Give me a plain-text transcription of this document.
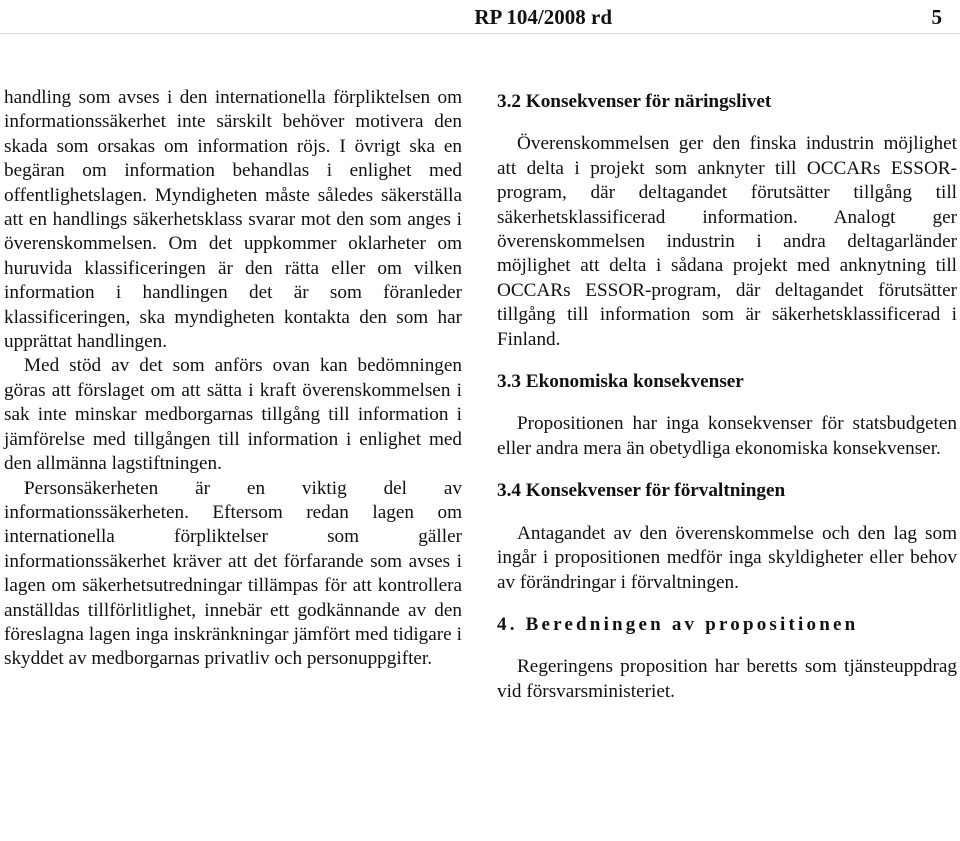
RP 104/2008 rd	5

handling som avses i den internationella förpliktelsen om informationssäkerhet inte särskilt behöver motivera den skada som orsakas om information röjs. I övrigt ska en begäran om information behandlas i enlighet med offentlighetslagen. Myndigheten måste således säkerställa att en handlings säkerhetsklass svarar mot den som anges i överenskommelsen. Om det uppkommer oklarheter om huruvida klassificeringen är den rätta eller om vilken information i handlingen det är som föranleder klassificeringen, ska myndigheten kontakta den som har upprättat handlingen.

Med stöd av det som anförs ovan kan bedömningen göras att förslaget om att sätta i kraft överenskommelsen i sak inte minskar medborgarnas tillgång till information i jämförelse med tillgången till information i enlighet med den allmänna lagstiftningen.

Personsäkerheten är en viktig del av informationssäkerheten. Eftersom redan lagen om internationella förpliktelser som gäller informationssäkerhet kräver att det förfarande som avses i lagen om säkerhetsutredningar tillämpas för att kontrollera anställdas tillförlitlighet, innebär ett godkännande av den föreslagna lagen inga inskränkningar jämfört med tidigare i skyddet av medborgarnas privatliv och personuppgifter.

3.2 Konsekvenser för näringslivet

Överenskommelsen ger den finska industrin möjlighet att delta i projekt som anknyter till OCCARs ESSOR-program, där deltagandet förutsätter tillgång till säkerhetsklassificerad information. Analogt ger överenskommelsen industrin i andra deltagarländer möjlighet att delta i sådana projekt med anknytning till OCCARs ESSOR-program, där deltagandet förutsätter tillgång till information som är säkerhetsklassificerad i Finland.

3.3 Ekonomiska konsekvenser

Propositionen har inga konsekvenser för statsbudgeten eller andra mera än obetydliga ekonomiska konsekvenser.

3.4 Konsekvenser för förvaltningen

Antagandet av den överenskommelse och den lag som ingår i propositionen medför inga skyldigheter eller behov av förändringar i förvaltningen.

4. Beredningen av propositionen

Regeringens proposition har beretts som tjänsteuppdrag vid försvarsministeriet.
